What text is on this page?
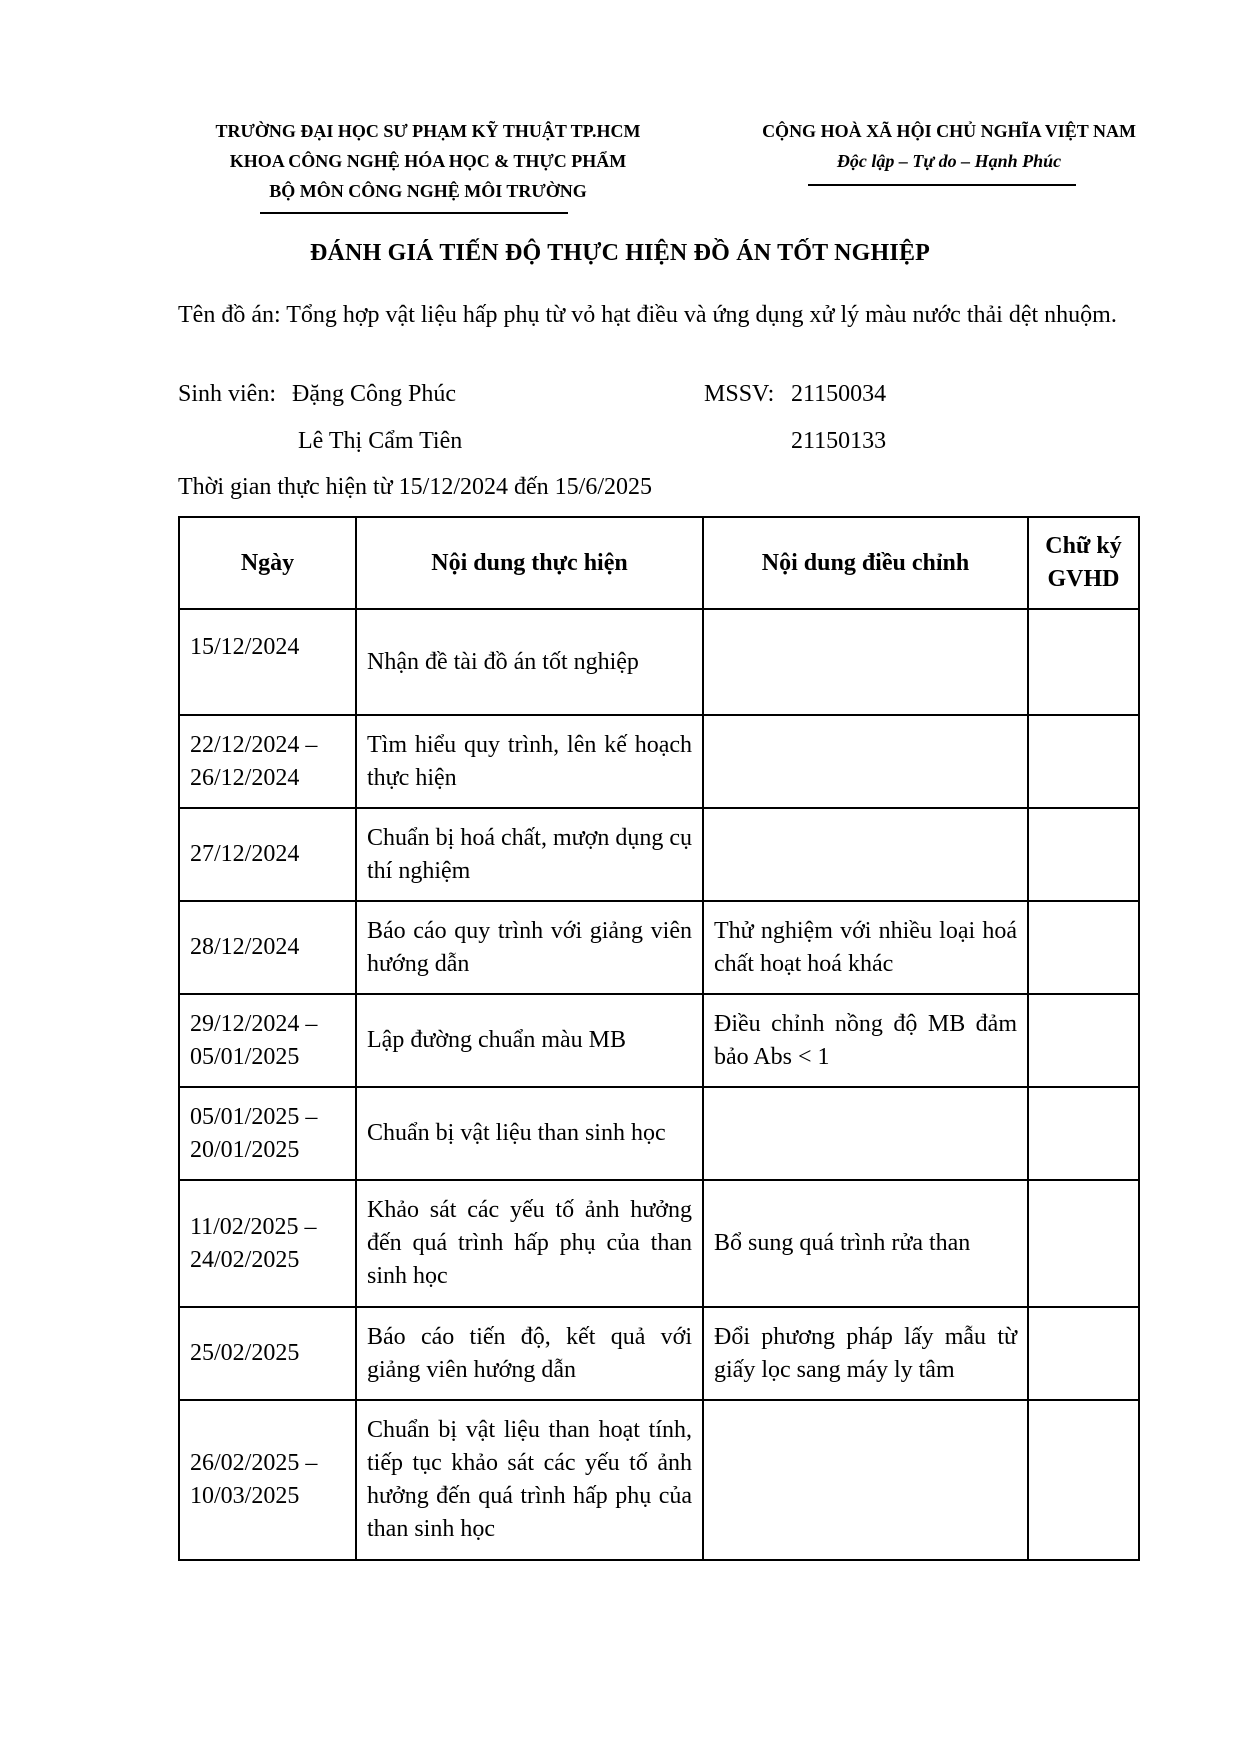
TRƯỜNG ĐẠI HỌC SƯ PHẠM KỸ THUẬT TP.HCM
KHOA CÔNG NGHỆ HÓA HỌC & THỰC PHẨM
BỘ MÔN CÔNG NGHỆ MÔI TRƯỜNG
CỘNG HOÀ XÃ HỘI CHỦ NGHĨA VIỆT NAM
Độc lập – Tự do – Hạnh Phúc
ĐÁNH GIÁ TIẾN ĐỘ THỰC HIỆN ĐỒ ÁN TỐT NGHIỆP
Tên đồ án: Tổng hợp vật liệu hấp phụ từ vỏ hạt điều và ứng dụng xử lý màu nước thải dệt nhuộm.
Sinh viên: Đặng Công Phúc	MSSV: 21150034
Lê Thị Cẩm Tiên	21150133
Thời gian thực hiện từ 15/12/2024 đến 15/6/2025
Ngày	Nội dung thực hiện	Nội dung điều chỉnh	Chữ ký GVHD

15/12/2024	Nhận đề tài đồ án tốt nghiệp		
22/12/2024 – 26/12/2024	Tìm hiểu quy trình, lên kế hoạch thực hiện		
27/12/2024	Chuẩn bị hoá chất, mượn dụng cụ thí nghiệm		
28/12/2024	Báo cáo quy trình với giảng viên hướng dẫn	Thử nghiệm với nhiều loại hoá chất hoạt hoá khác	
29/12/2024 – 05/01/2025	Lập đường chuẩn màu MB	Điều chỉnh nồng độ MB đảm bảo Abs < 1	
05/01/2025 – 20/01/2025	Chuẩn bị vật liệu than sinh học		
11/02/2025 – 24/02/2025	Khảo sát các yếu tố ảnh hưởng đến quá trình hấp phụ của than sinh học	Bổ sung quá trình rửa than	
25/02/2025	Báo cáo tiến độ, kết quả với giảng viên hướng dẫn	Đổi phương pháp lấy mẫu từ giấy lọc sang máy ly tâm	
26/02/2025 – 10/03/2025	Chuẩn bị vật liệu than hoạt tính, tiếp tục khảo sát các yếu tố ảnh hưởng đến quá trình hấp phụ của than sinh học		
